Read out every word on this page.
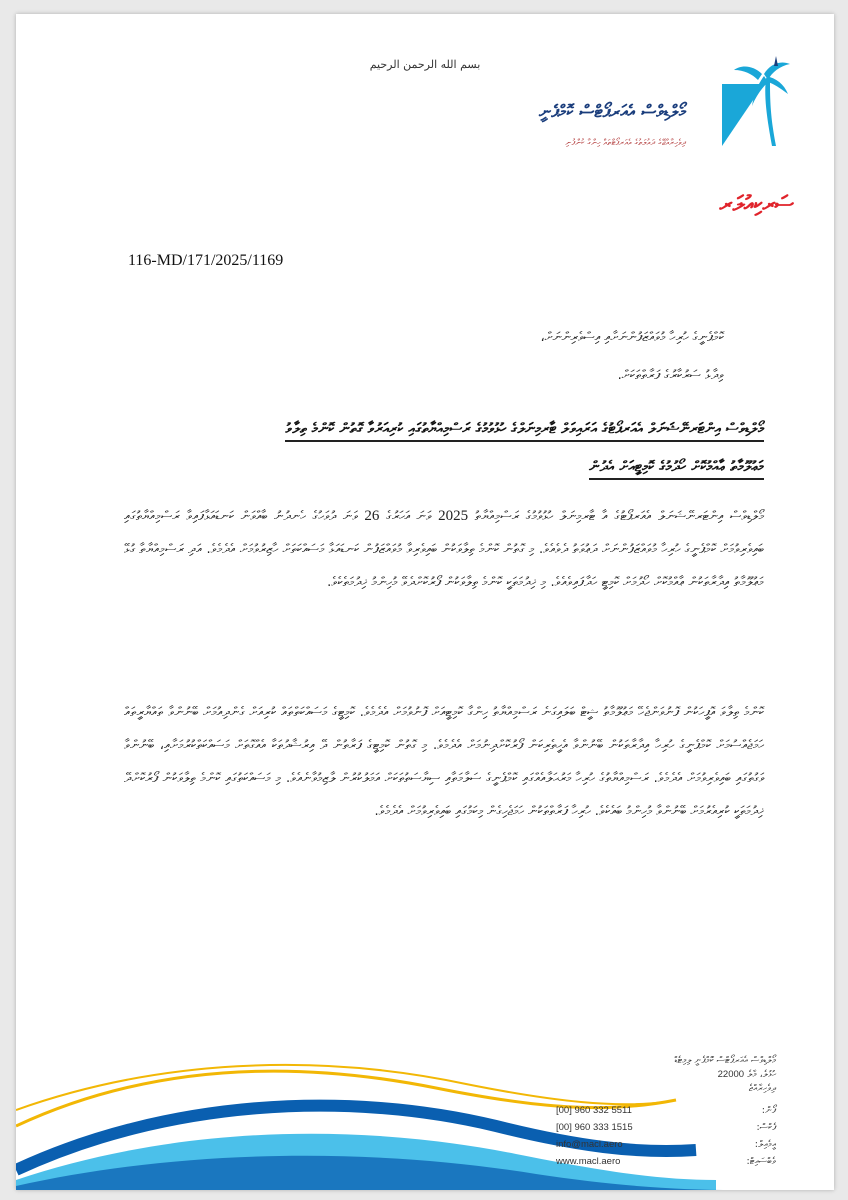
بسم الله الرحمن الرحيم
މޯލްޑިވްސް އެއަރޕޯޓްސް ކޮމްޕެނީ
ދިވެހިރާއްޖޭގެ ދައުލަތުގެ އެއަރޕޯޓްތައް ހިންގާ ކުންފުނި
ސަރކިއުލަރ
116-MD/171/2025/1169
ކޮމްޕެނީގެ ހުރިހާ މުވައްޒަފުންނަށާއި އިސްވެރިންނަށް،
ވިދާޅު ސަރުކާރުގެ ފަރާތްތަކަށް.
މޯލްޑިވްސް އިންޓަރނޭޝަނަލް އެއަރޕޯޓުގެ އަރައިވަލް ޓާރމިނަލްގެ ހުޅުވުމުގެ ރަސްމިއްޔާތުގައި ކުރިއަރުވާ ގޮތުން ކޮންމެ ތިލާވު
މަޢުލޫމާތު ޢާއްމުކޮށް ހޯދުމުގެ ކޮމިޓީއަށް އެދުން
މޯލްޑިވްސް އިންޓަރނޭޝަނަލް އެއަރޕޯޓުގެ އާ ޓާރމިނަލް ހުޅުވުމުގެ ރަސްމިއްޔާތު 2025 ވަނަ އަހަރުގެ 26 ވަނަ ދުވަހުގެ ހެނދުނު ބާއްވަން ކަނޑައަޅާފައިވާ ރަސްމިއްޔާތުގައި ބައިވެރިވުމަށް ކޮމްޕެނީގެ ހުރިހާ މުވައްޒަފުންނަށް ދަޢުވަތު ދެވެއެވެ. މި ގޮތުން ކޮންމެ ތިލާވަކުން ބައިވެރިވާ މުވައްޒަފުން ކަނޑައަޅާ މަސައްކަތަށް ހާޒިރުވުމަށް އެދެމެވެ. އަދި ރަސްމިއްޔާތާ ގުޅޭ މަޢުލޫމާތު އިދާރާތަކުން ޢާއްމުކޮށް ހޯދުމަށް ކޮމިޓީ ހަދާފައިވެއެވެ. މި ޚިދުމަތަކީ ކޮންމެ ތިލާވަކުން ފޯރުކޮށްދެވޭ މުހިންމު ޚިދުމަތެކެވެ.
ކޮންމެ ތިލާވަ އޮފީހަކުން ފޮނުވަންޖެހޭ މަޢުލޫމާތު ޝީޓް ބަލައިގަނެ ރަސްމިއްޔާތު ހިންގާ ކޮމިޓީއަށް ފޮނުވުމަށް އެދެމެވެ. ކޮމިޓީގެ މަސައްކަތްތައް ކުރިއަށް ގެންދިއުމަށް ބޭނުންވާ ތައްޔާރީތައް ހަމަޖެއްސުމަށް ކޮމްޕެނީގެ ހުރިހާ އިދާރާތަކުން ބޭނުންވާ އެހީތެރިކަން ފޯރުކޮށްދިނުމަށް އެދެމެވެ. މި ގޮތުން ކޮމިޓީގެ ފަރާތުން ދޭ އިރުޝާދުތަކާ އެއްގޮތަށް މަސައްކަތްކުރުމަށާއި، ބޭނުންވާ ވަގުތުގައި ބައިވެރިވުމަށް އެދެމެވެ. ރަސްމިއްޔާތުގެ ހުރިހާ މަރުޙަލާއެއްގައި ކޮމްޕެނީގެ ސަލާމަތާއި ސިޔާސަތުތަކަށް އަމަލުކުރުން ލާޒިމުވާނެއެވެ. މި މަސައްކަތުގައި ކޮންމެ ތިލާވަކުން ފޯރުކޮށްދޭ ޚިދުމަތަކީ ކުރިއެރުމަށް ބޭނުންވާ މުހިންމު ބައެކެވެ. ހުރިހާ ފަރާތްތަކުން ހަމަޖެހިގެން މިކަމުގައި ބައިވެރިވުމަށް އެދެމެވެ.
މޯލްޑިވްސް އެއަރޕޯޓްސް ކޮމްޕެނީ ލިމިޓެޑް
ހުޅުލެ، މާލެ 22000
ދިވެހިރާއްޖެ
[00] 960 332 5511	ފޯން:
[00] 960 333 1515	ފެކްސް:
info@macl.aero	އީމެއިލް:
www.macl.aero	ވެބްސައިޓް:
